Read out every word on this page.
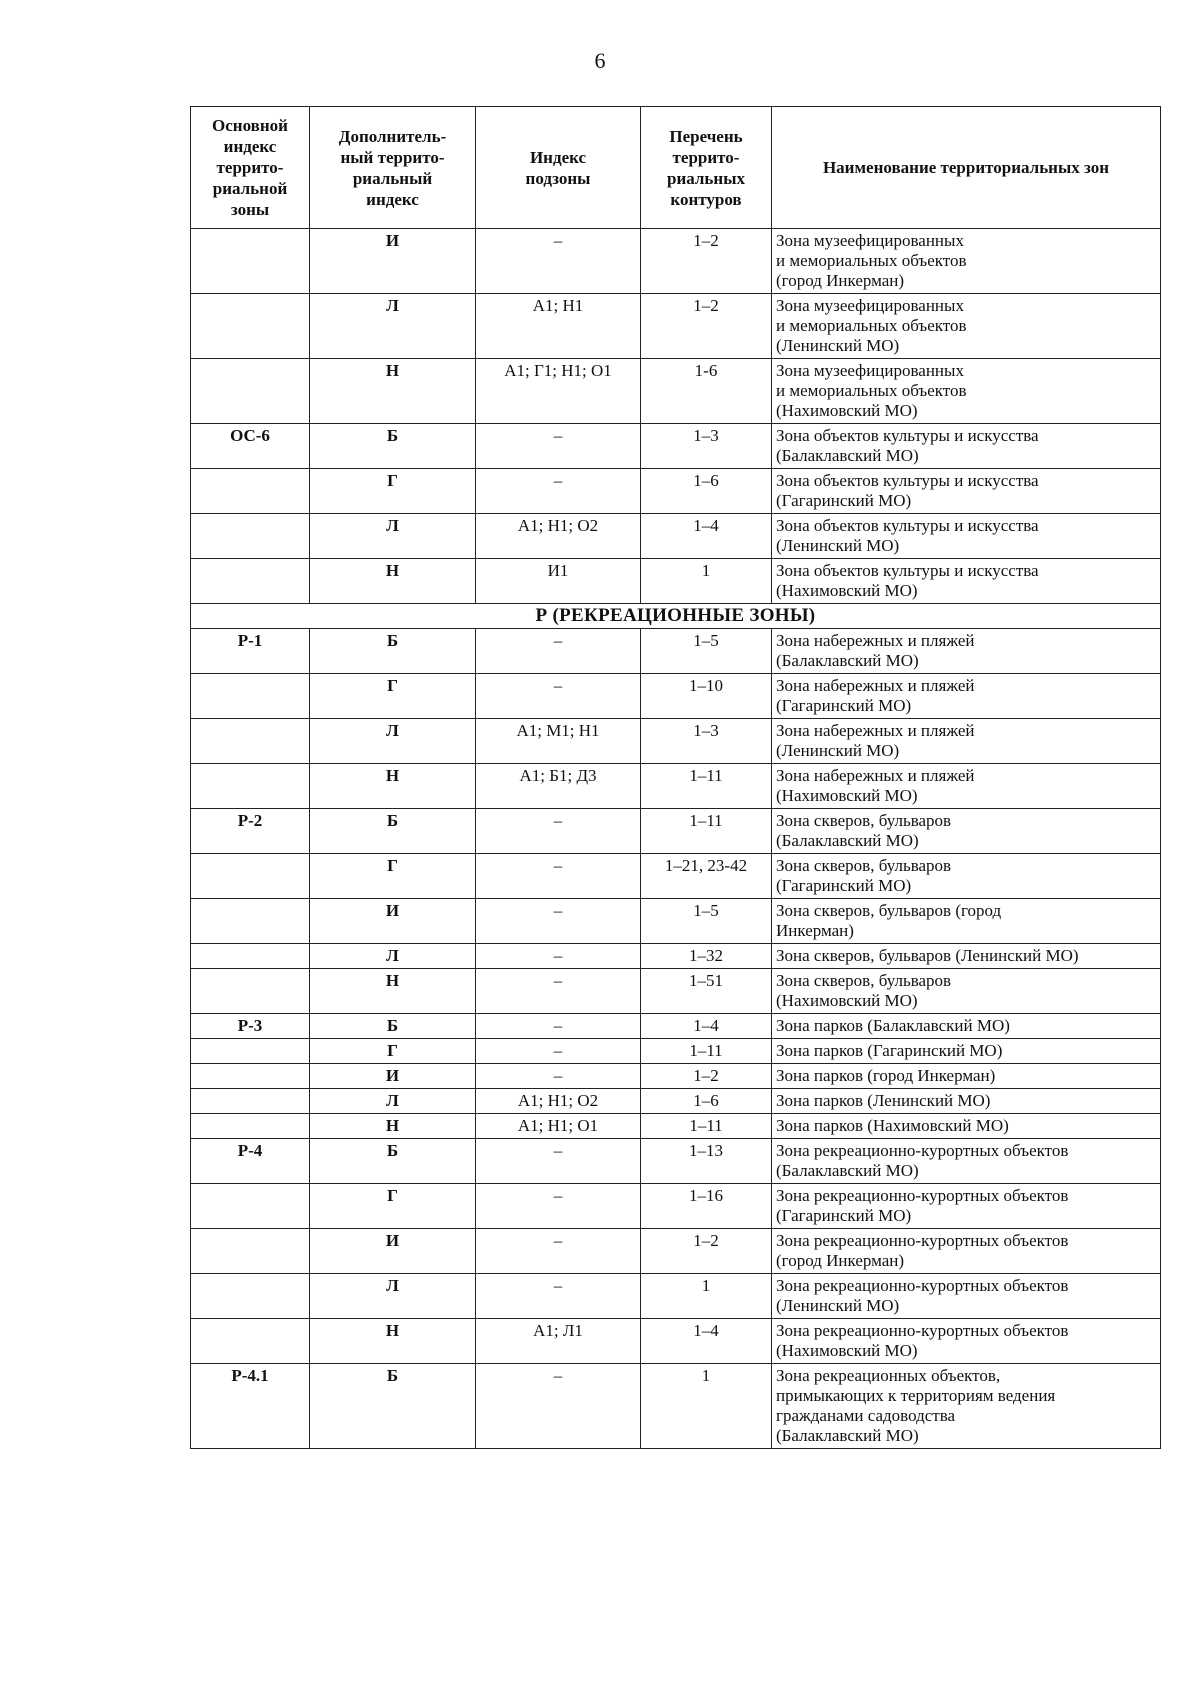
6
Основной
индекс
террито-
риальной
зоны	Дополнитель-
ный террито-
риальный
индекс	Индекс
подзоны	Перечень
террито-
риальных
контуров	Наименование территориальных зон
	И	–	1–2	Зона музеефицированных
и мемориальных объектов
(город Инкерман)
	Л	А1; Н1	1–2	Зона музеефицированных
и мемориальных объектов
(Ленинский МО)
	Н	А1; Г1; Н1; О1	1-6	Зона музеефицированных
и мемориальных объектов
(Нахимовский МО)
ОС-6	Б	–	1–3	Зона объектов культуры и искусства
(Балаклавский МО)
	Г	–	1–6	Зона объектов культуры и искусства
(Гагаринский МО)
	Л	А1; Н1; О2	1–4	Зона объектов культуры и искусства
(Ленинский МО)
	Н	И1	1	Зона объектов культуры и искусства
(Нахимовский МО)
Р (РЕКРЕАЦИОННЫЕ ЗОНЫ)				
Р-1	Б	–	1–5	Зона набережных и пляжей
(Балаклавский МО)
	Г	–	1–10	Зона набережных и пляжей
(Гагаринский МО)
	Л	А1; М1; Н1	1–3	Зона набережных и пляжей
(Ленинский МО)
	Н	А1; Б1; Д3	1–11	Зона набережных и пляжей
(Нахимовский МО)
Р-2	Б	–	1–11	Зона скверов, бульваров
(Балаклавский МО)
	Г	–	1–21, 23-42	Зона скверов, бульваров
(Гагаринский МО)
	И	–	1–5	Зона скверов, бульваров (город
Инкерман)
	Л	–	1–32	Зона скверов, бульваров (Ленинский МО)
	Н	–	1–51	Зона скверов, бульваров
(Нахимовский МО)
Р-3	Б	–	1–4	Зона парков (Балаклавский МО)
	Г	–	1–11	Зона парков (Гагаринский МО)
	И	–	1–2	Зона парков (город Инкерман)
	Л	А1; Н1; О2	1–6	Зона парков (Ленинский МО)
	Н	А1; Н1; О1	1–11	Зона парков (Нахимовский МО)
Р-4	Б	–	1–13	Зона рекреационно-курортных объектов
(Балаклавский МО)
	Г	–	1–16	Зона рекреационно-курортных объектов
(Гагаринский МО)
	И	–	1–2	Зона рекреационно-курортных объектов
(город Инкерман)
	Л	–	1	Зона рекреационно-курортных объектов
(Ленинский МО)
	Н	А1; Л1	1–4	Зона рекреационно-курортных объектов
(Нахимовский МО)
Р-4.1	Б	–	1	Зона рекреационных объектов,
примыкающих к территориям ведения
гражданами садоводства
(Балаклавский МО)
